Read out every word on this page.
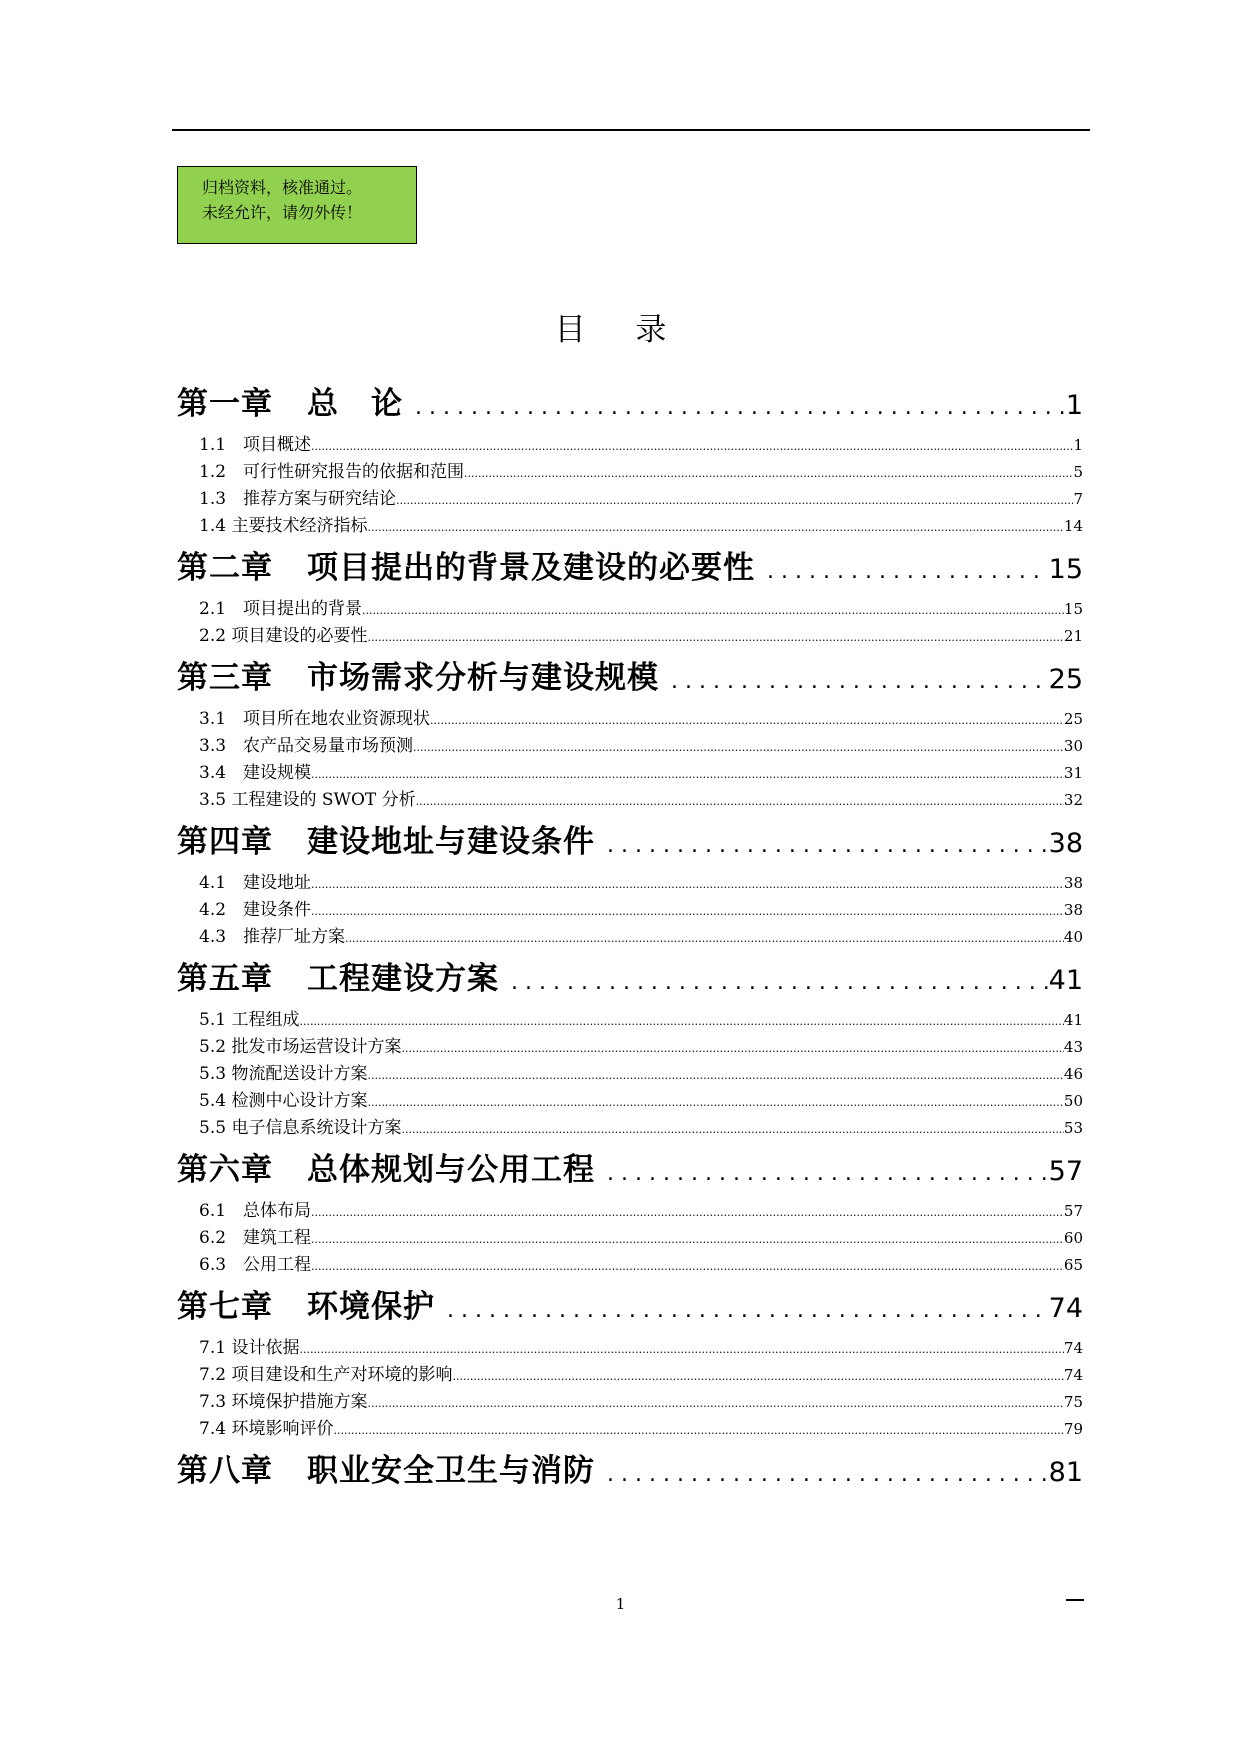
归档资料，核准通过。
未经允许，请勿外传！
目 录
第一章 总　论 .....	1
1.1　项目概述 .....	1
1.2　可行性研究报告的依据和范围 .....	5
1.3　推荐方案与研究结论 .....	7
1.4 主要技术经济指标 .....	14
第二章 项目提出的背景及建设的必要性 .....	15
2.1　项目提出的背景 .....	15
2.2 项目建设的必要性 .....	21
第三章 市场需求分析与建设规模 .....	25
3.1　项目所在地农业资源现状 .....	25
3.3　农产品交易量市场预测 .....	30
3.4　建设规模 .....	31
3.5 工程建设的 SWOT 分析 .....	32
第四章 建设地址与建设条件 .....	38
4.1　建设地址 .....	38
4.2　建设条件 .....	38
4.3　推荐厂址方案 .....	40
第五章 工程建设方案 .....	41
5.1 工程组成 .....	41
5.2 批发市场运营设计方案 .....	43
5.3 物流配送设计方案 .....	46
5.4 检测中心设计方案 .....	50
5.5 电子信息系统设计方案 .....	53
第六章 总体规划与公用工程 .....	57
6.1　总体布局 .....	57
6.2　建筑工程 .....	60
6.3　公用工程 .....	65
第七章 环境保护 .....	74
7.1 设计依据 .....	74
7.2 项目建设和生产对环境的影响 .....	74
7.3 环境保护措施方案 .....	75
7.4 环境影响评价 .....	79
第八章 职业安全卫生与消防 .....	81
1
